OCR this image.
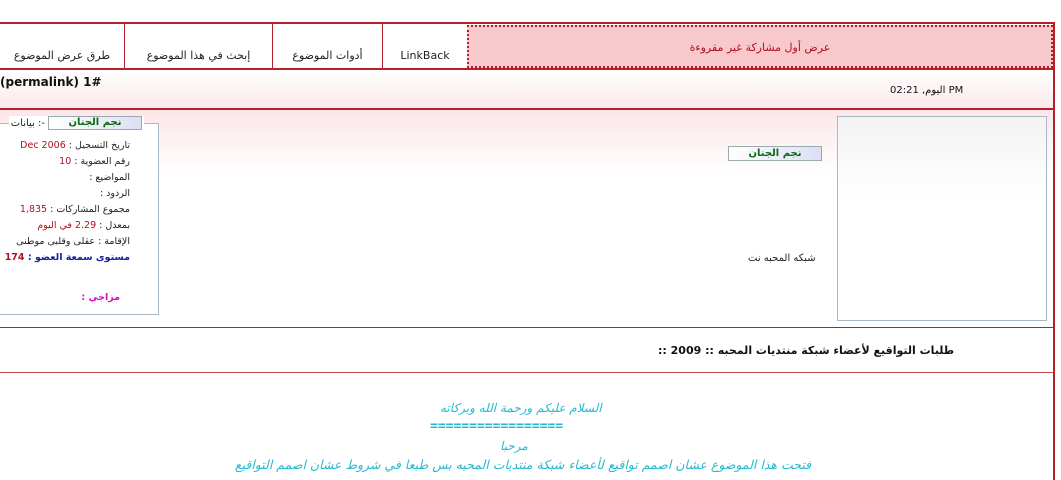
طرق عرض الموضوع	إبحث في هذا الموضوع	أدوات الموضوع	LinkBack
عرض أول مشاركة غير مقروءة
(permalink) 1#
اليوم, 02:21 PM
بيانات :-	نجم الجنان
تاريخ التسجيل : Dec 2006
رقم العضوية : 10
المواضيع :
الردود :
مجموع المشاركات : 1,835
بمعدل : 2.29 في اليوم
الإقامة : عقلى وقلبى موطنى
مستوى سمعة العضو : 174
مزاجي :
نجم الجنان
شبكه المحبه نت
:: طلبات التواقيع لأعضاء شبكة منتديات المحبه :: 2009
السلام عليكم ورحمة الله وبركاته
=================
مرحبا
فتحت هذا الموضوع عشان اصمم تواقيع لأعضاء شبكة منتديات المحبه بس طبعا في شروط عشان اصمم التواقيع
